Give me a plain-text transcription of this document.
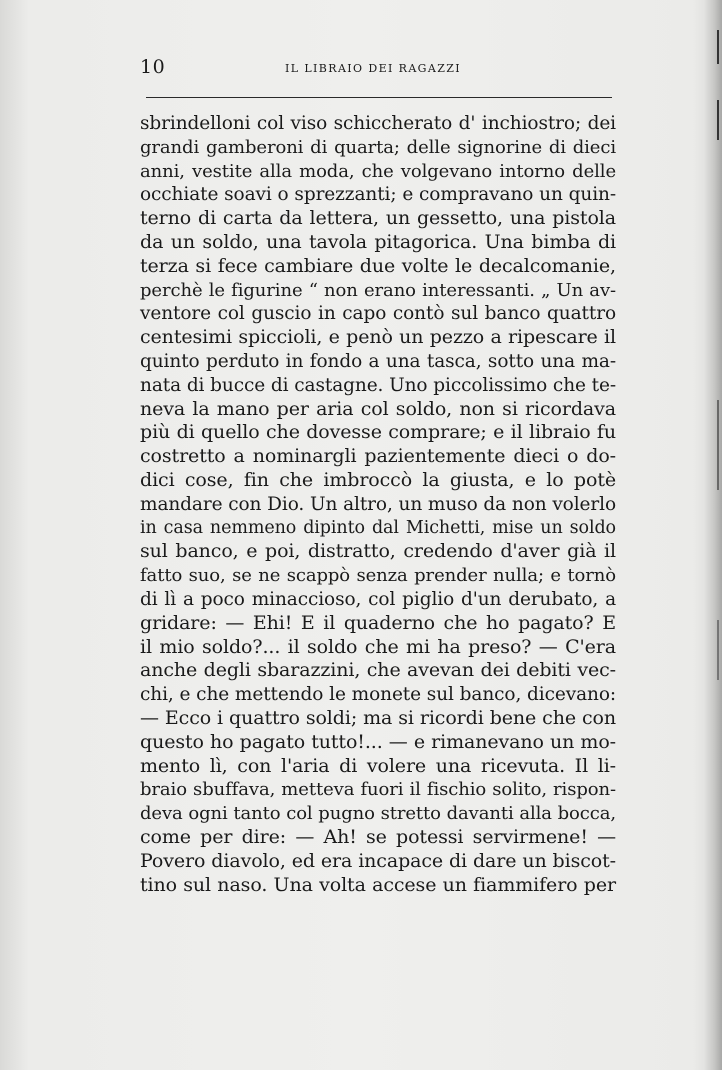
10	IL LIBRAIO DEI RAGAZZI
sbrindelloni col viso schiccherato d' inchiostro; dei
grandi gamberoni di quarta; delle signorine di dieci
anni, vestite alla moda, che volgevano intorno delle
occhiate soavi o sprezzanti; e compravano un quin-
terno di carta da lettera, un gessetto, una pistola
da un soldo, una tavola pitagorica. Una bimba di
terza si fece cambiare due volte le decalcomanie,
perchè le figurine “ non erano interessanti. „ Un av-
ventore col guscio in capo contò sul banco quattro
centesimi spiccioli, e penò un pezzo a ripescare il
quinto perduto in fondo a una tasca, sotto una ma-
nata di bucce di castagne. Uno piccolissimo che te-
neva la mano per aria col soldo, non si ricordava
più di quello che dovesse comprare; e il libraio fu
costretto a nominargli pazientemente dieci o do-
dici cose, fin che imbroccò la giusta, e lo potè
mandare con Dio. Un altro, un muso da non volerlo
in casa nemmeno dipinto dal Michetti, mise un soldo
sul banco, e poi, distratto, credendo d'aver già il
fatto suo, se ne scappò senza prender nulla; e tornò
di lì a poco minaccioso, col piglio d'un derubato, a
gridare: — Ehi! E il quaderno che ho pagato? E
il mio soldo?... il soldo che mi ha preso? — C'era
anche degli sbarazzini, che avevan dei debiti vec-
chi, e che mettendo le monete sul banco, dicevano:
— Ecco i quattro soldi; ma si ricordi bene che con
questo ho pagato tutto!... — e rimanevano un mo-
mento lì, con l'aria di volere una ricevuta. Il li-
braio sbuffava, metteva fuori il fischio solito, rispon-
deva ogni tanto col pugno stretto davanti alla bocca,
come per dire: — Ah! se potessi servirmene! —
Povero diavolo, ed era incapace di dare un biscot-
tino sul naso. Una volta accese un fiammifero per
